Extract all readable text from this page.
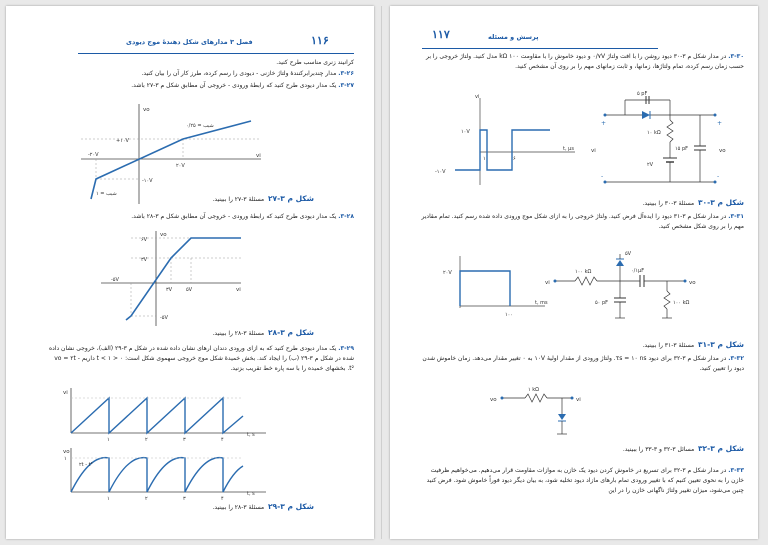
۱۱۶
فصل ۳ مدارهای شکل دهندهٔ موج دیودی
کرانیند زنری مناسب طرح کنید.
۳-۲۶. مدار چندبرابرکنندهٔ ولتاژ خازنی - دیودی را رسم کرده، طرز کار آن را بیان کنید.
۳-۲۷. یک مدار دیودی طرح کنید که رابطهٔ ورودی - خروجی آن مطابق شکل م ۳-۲۷ باشد.
vo
vi
شیب = ۰/۲۵
شیب = ۱
+۱۰V
-۱۰V
۲۰V
-۲۰V
شکل م ۳-۲۷  مسئلهٔ ۳-۲۷ را ببینید.
۳-۲۸. یک مدار دیودی طرح کنید که رابطهٔ ورودی - خروجی آن مطابق شکل م ۳-۲۸ باشد.
vo
vi
۶V
۳V
۳V	۵V
-۵V
-۵V
شکل م ۳-۲۸  مسئلهٔ ۳-۲۸ را ببینید.
۳-۲۹. یک مدار دیودی طرح کنید که به ازای ورودی دندان ارهای نشان داده شده در شکل م ۳-۲۹ (الف)، خروجی نشان داده شده در شکل م ۳-۲۹ (ب) را ایجاد کند. بخش خمیدهٔ شکل موج خروجی سهموی شکل است: ۰ < t < ۱ داریم vo = ۲t - t². بخشهای خمیده را با سه پاره خط تقریب بزنید.
vi
۱	۲	۳	۴
t, s
vo
۱
۲t - t²
۱	۲	۳	۴
t, s
شکل م ۳-۲۹  مسئلهٔ ۳-۲۸ را ببینید.
۱۱۷	پرسش و مسئله
۳-۳۰. در مدار شکل م ۳-۳۰ دیود روشن را با افت ولتاژ ۰/۷V و دیود خاموش را با مقاومت ۱۰۰ kΩ مدل کنید. ولتاژ خروجی را بر حسب زمان رسم کرده، تمام ولتاژها، زمانها، و ثابت زمانهای مهم را بر روی آن مشخص کنید.
vi
۱۰V
-۱۰V
۱	۶
t, μs
۵ pF
۱۰ kΩ
۲V
۱۵ pF
+
-
+
-
vi	vo
شکل م ۳-۳۰  مسئلهٔ ۳-۳۰ را ببینید.
۳-۳۱. در مدار شکل م ۳-۳۱ دیود را ایده‌آل فرض کنید. ولتاژ خروجی را به ازای شکل موج ورودی داده شده رسم کنید. تمام مقادیر مهم را بر روی شکل مشخص کنید.
۲۰V
۱۰۰
t, ms
۱۰۰ kΩ	۰/۱μF
vi	vo
۵V
۵۰ pF	۱۰۰ kΩ
شکل م ۳-۳۱  مسئلهٔ ۳-۳۱ را ببینید.
۳-۳۲. در مدار شکل م ۳-۳۲ برای دیود τs = ۱۰ ns. ولتاژ ورودی از مقدار اولیهٔ ۱۰V به ۰ تغییر مقدار می‌دهد. زمان خاموش شدن دیود را تعیین کنید.
۱ kΩ
vo	vi
شکل م ۳-۳۲  مسائل ۳-۳۲ و ۳-۳۳ را ببینید.
۳-۳۳. در مدار شکل م ۳-۳۲ برای تسریع در خاموش کردن دیود یک خازن به موازات مقاومت قرار می‌دهیم. می‌خواهیم ظرفیت خازن را به نحوی تعیین کنیم که با تغییر ورودی تمام بارهای مازاد دیود تخلیه شود، به بیان دیگر دیود فوراً خاموش شود. فرض کنید چنین می‌شود، میزان تغییر ولتاژ ناگهانی خازن را در این
